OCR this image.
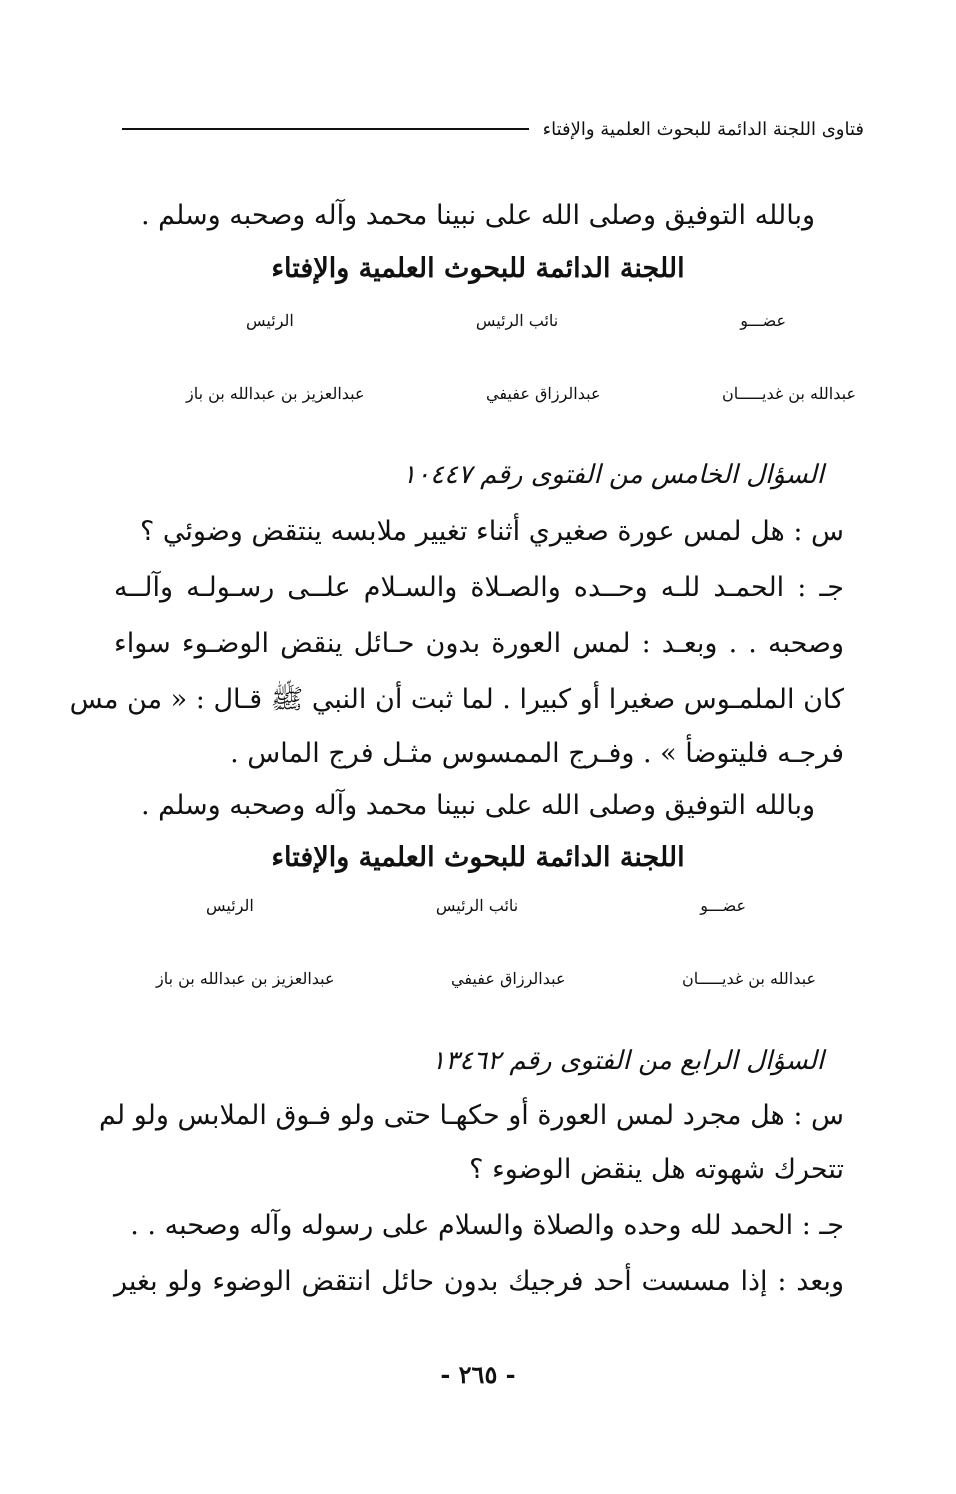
فتاوى اللجنة الدائمة للبحوث العلمية والإفتاء
وبالله التوفيق وصلى الله على نبينا محمد وآله وصحبه وسلم .
اللجنة الدائمة للبحوث العلمية والإفتاء
عضـــو
نائب الرئيس
الرئيس
عبدالله بن غديـــــان
عبدالرزاق عفيفي
عبدالعزيز بن عبدالله بن باز
السؤال الخامس من الفتوى رقم ١٠٤٤٧
س : هل لمس عورة صغيري أثناء تغيير ملابسه ينتقض وضوئي ؟
جـ : الحمـد للـه وحــده والصـلاة والسـلام علــى رسـولـه وآلــه
وصحبه . . وبعـد : لمس العورة بدون حـائل ينقض الوضـوء سواء
كان الملمـوس صغيرا أو كبيرا . لما ثبت أن النبي ﷺ قـال : « من مس
فرجـه فليتوضأ » . وفـرج الممسوس مثـل فرج الماس .
وبالله التوفيق وصلى الله على نبينا محمد وآله وصحبه وسلم .
اللجنة الدائمة للبحوث العلمية والإفتاء
عضـــو
نائب الرئيس
الرئيس
عبدالله بن غديـــــان
عبدالرزاق عفيفي
عبدالعزيز بن عبدالله بن باز
السؤال الرابع من الفتوى رقم ١٣٤٦٢
س : هل مجرد لمس العورة أو حكهـا حتى ولو فـوق الملابس ولو لم
تتحرك شهوته هل ينقض الوضوء ؟
جـ : الحمد لله وحده والصلاة والسلام على رسوله وآله وصحبه . .
وبعد : إذا مسست أحد فرجيك بدون حائل انتقض الوضوء ولو بغير
- ٢٦٥ -
